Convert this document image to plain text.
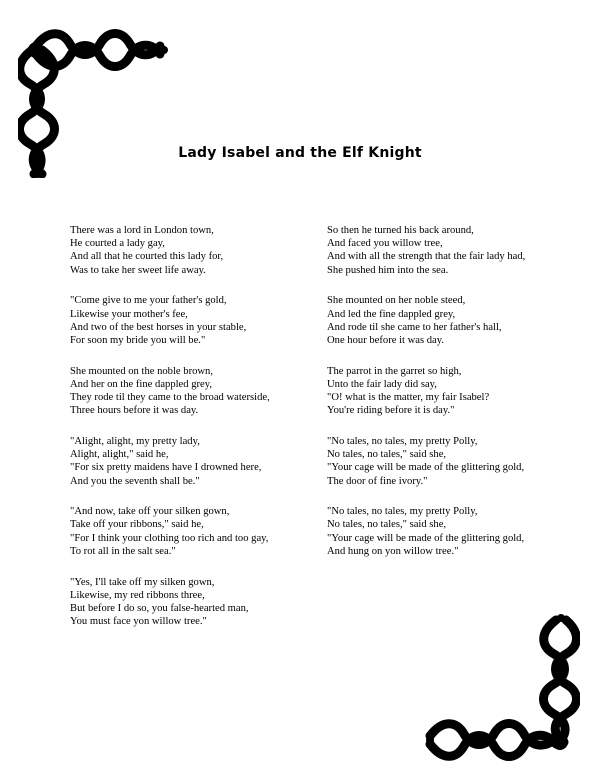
Lady Isabel and the Elf Knight
There was a lord in London town,
He courted a lady gay,
And all that he courted this lady for,
Was to take her sweet life away.
"Come give to me your father's gold,
Likewise your mother's fee,
And two of the best horses in your stable,
For soon my bride you will be."
She mounted on the noble brown,
And her on the fine dappled grey,
They rode til they came to the broad waterside,
Three hours before it was day.
"Alight, alight, my pretty lady,
Alight, alight," said he,
"For six pretty maidens have I drowned here,
And you the seventh shall be."
"And now, take off your silken gown,
Take off your ribbons," said he,
"For I think your clothing too rich and too gay,
To rot all in the salt sea."
"Yes, I'll take off my silken gown,
Likewise, my red ribbons three,
But before I do so, you false-hearted man,
You must face yon willow tree."
So then he turned his back around,
And faced you willow tree,
And with all the strength that the fair lady had,
She pushed him into the sea.
She mounted on her noble steed,
And led the fine dappled grey,
And rode til she came to her father's hall,
One hour before it was day.
The parrot in the garret so high,
Unto the fair lady did say,
"O! what is the matter, my fair Isabel?
You're riding before it is day."
"No tales, no tales, my pretty Polly,
No tales, no tales," said she,
"Your cage will be made of the glittering gold,
The door of fine ivory."
"No tales, no tales, my pretty Polly,
No tales, no tales," said she,
"Your cage will be made of the glittering gold,
And hung on yon willow tree."
